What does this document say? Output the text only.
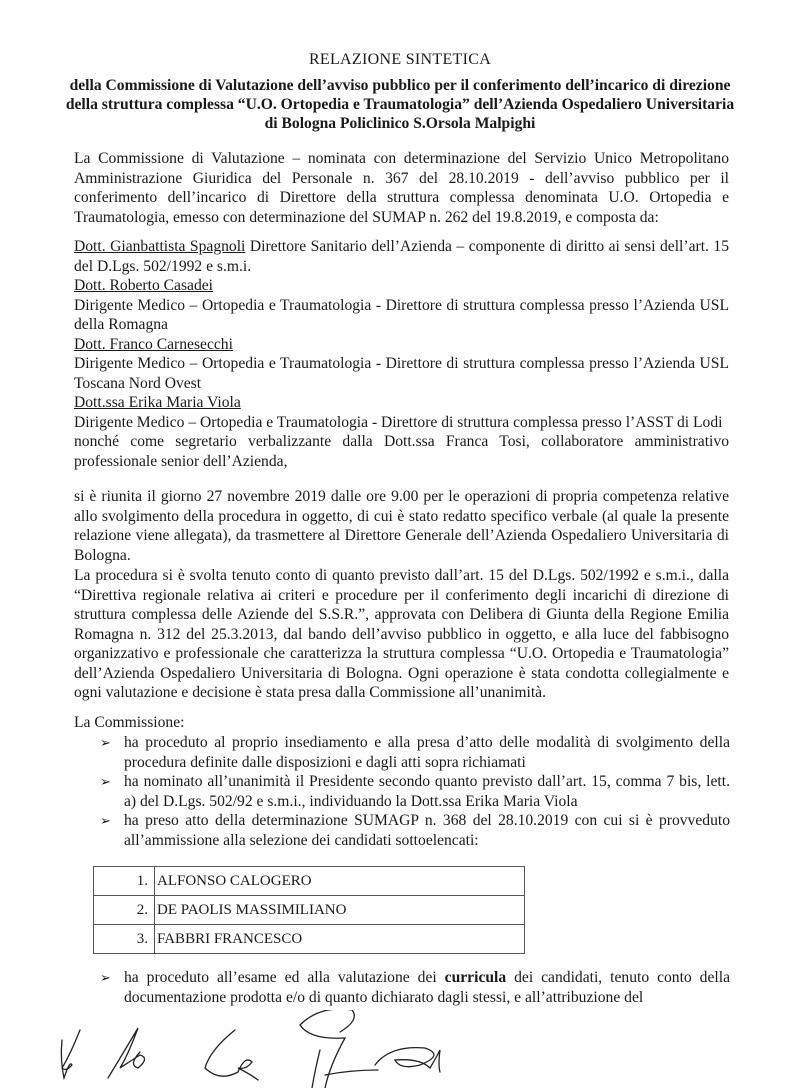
RELAZIONE SINTETICA
della Commissione di Valutazione dell’avviso pubblico per il conferimento dell’incarico di direzione della struttura complessa “U.O. Ortopedia e Traumatologia” dell’Azienda Ospedaliero Universitaria di Bologna Policlinico S.Orsola Malpighi

La Commissione di Valutazione – nominata con determinazione del Servizio Unico Metropolitano Amministrazione Giuridica del Personale n. 367 del 28.10.2019 - dell’avviso pubblico per il conferimento dell’incarico di Direttore della struttura complessa denominata U.O. Ortopedia e Traumatologia, emesso con determinazione del SUMAP n. 262 del 19.8.2019, e composta da:

Dott. Gianbattista Spagnoli Direttore Sanitario dell’Azienda – componente di diritto ai sensi dell’art. 15 del D.Lgs. 502/1992 e s.m.i.

Dott. Roberto Casadei
Dirigente Medico – Ortopedia e Traumatologia - Direttore di struttura complessa presso l’Azienda USL della Romagna

Dott. Franco Carnesecchi
Dirigente Medico – Ortopedia e Traumatologia - Direttore di struttura complessa presso l’Azienda USL Toscana Nord Ovest

Dott.ssa Erika Maria Viola
Dirigente Medico – Ortopedia e Traumatologia - Direttore di struttura complessa presso l’ASST di Lodi

nonché come segretario verbalizzante dalla Dott.ssa Franca Tosi, collaboratore amministrativo professionale senior dell’Azienda,

si è riunita il giorno 27 novembre 2019 dalle ore 9.00 per le operazioni di propria competenza relative allo svolgimento della procedura in oggetto, di cui è stato redatto specifico verbale (al quale la presente relazione viene allegata), da trasmettere al Direttore Generale dell’Azienda Ospedaliero Universitaria di Bologna.

La procedura si è svolta tenuto conto di quanto previsto dall’art. 15 del D.Lgs. 502/1992 e s.m.i., dalla “Direttiva regionale relativa ai criteri e procedure per il conferimento degli incarichi di direzione di struttura complessa delle Aziende del S.S.R.”, approvata con Delibera di Giunta della Regione Emilia Romagna n. 312 del 25.3.2013, dal bando dell’avviso pubblico in oggetto, e alla luce del fabbisogno organizzativo e professionale che caratterizza la struttura complessa “U.O. Ortopedia e Traumatologia” dell’Azienda Ospedaliero Universitaria di Bologna. Ogni operazione è stata condotta collegialmente e ogni valutazione e decisione è stata presa dalla Commissione all’unanimità.

La Commissione:
➢ ha proceduto al proprio insediamento e alla presa d’atto delle modalità di svolgimento della procedura definite dalle disposizioni e dagli atti sopra richiamati
➢ ha nominato all’unanimità il Presidente secondo quanto previsto dall’art. 15, comma 7 bis, lett. a) del D.Lgs. 502/92 e s.m.i., individuando la Dott.ssa Erika Maria Viola
➢ ha preso atto della determinazione SUMAGP n. 368 del 28.10.2019 con cui si è provveduto all’ammissione alla selezione dei candidati sottoelencati:
1.	ALFONSO CALOGERO
2.	DE PAOLIS MASSIMILIANO
3.	FABBRI FRANCESCO
➢ ha proceduto all’esame ed alla valutazione dei curricula dei candidati, tenuto conto della documentazione prodotta e/o di quanto dichiarato dagli stessi, e all’attribuzione del
